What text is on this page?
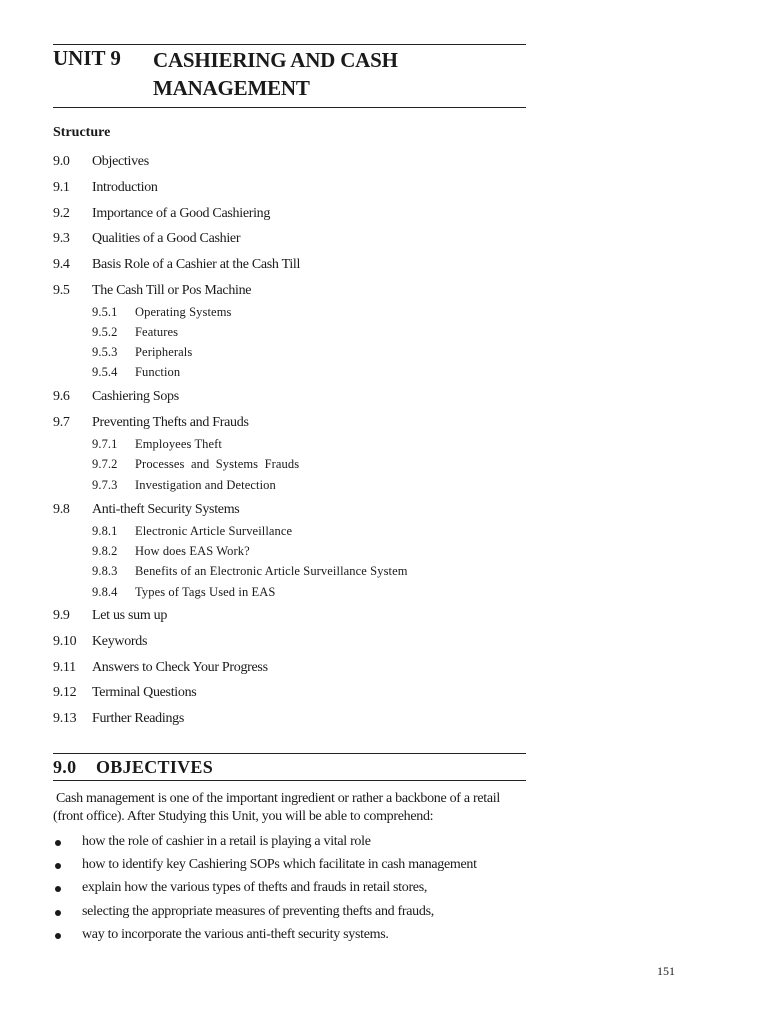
UNIT 9 CASHIERING AND CASH
MANAGEMENT
Structure
9.0 Objectives
9.1 Introduction
9.2 Importance of a Good Cashiering
9.3 Qualities of a Good Cashier
9.4 Basis Role of a Cashier at the Cash Till
9.5 The Cash Till or Pos Machine
9.5.1 Operating Systems
9.5.2 Features
9.5.3 Peripherals
9.5.4 Function
9.6 Cashiering Sops
9.7 Preventing Thefts and Frauds
9.7.1 Employees Theft
9.7.2 Processes  and  Systems  Frauds
9.7.3 Investigation and Detection
9.8 Anti-theft Security Systems
9.8.1 Electronic Article Surveillance
9.8.2 How does EAS Work?
9.8.3 Benefits of an Electronic Article Surveillance System
9.8.4 Types of Tags Used in EAS
9.9 Let us sum up
9.10 Keywords
9.11 Answers to Check Your Progress
9.12 Terminal Questions
9.13 Further Readings
9.0 OBJECTIVES
Cash management is one of the important ingredient or rather a backbone of a retail
(front office). After Studying this Unit, you will be able to comprehend:
how the role of cashier in a retail is playing a vital role
how to identify key Cashiering SOPs which facilitate in cash management
explain how the various types of thefts and frauds in retail stores,
selecting the appropriate measures of preventing thefts and frauds,
way to incorporate the various anti-theft security systems.
151
